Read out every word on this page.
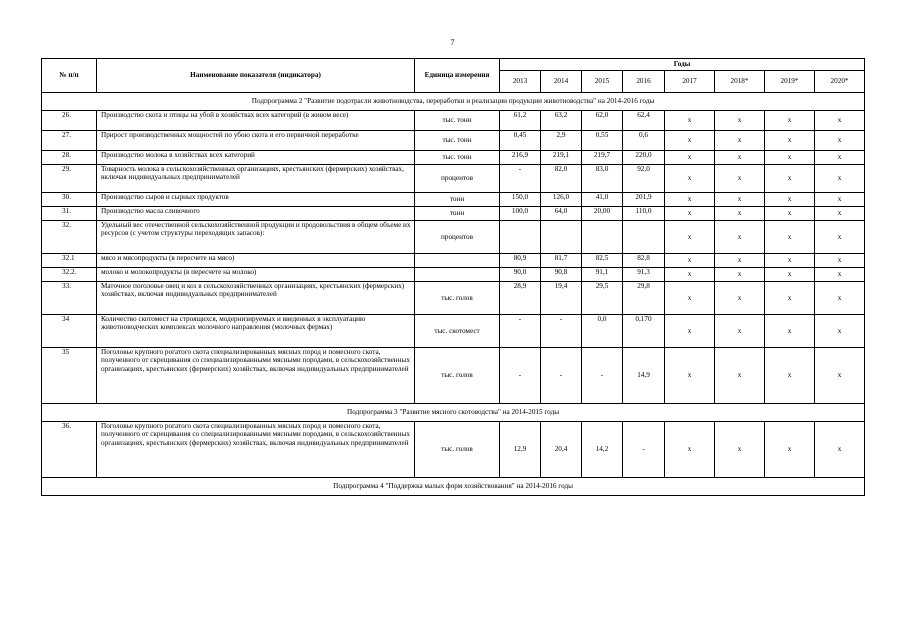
7
№ п/п	Наименование показателя (индикатора)	Единица измерения	Годы							
			2013	2014	2015	2016	2017	2018*	2019*	2020*
Подпрограмма 2 "Развитие подотрасли животноводства, переработки и реализации продукции животноводства" на 2014-2016 годы										
26.	Производство скота и птицы на убой в хозяйствах всех категорий (в живом весе)	тыс. тонн	61,2	63,2	62,0	62,4	x	x	x	x
27.	Прирост производственных мощностей по убою скота и его первичной переработке	тыс. тонн	0,45	2,9	0,55	0,6	x	x	x	x
28.	Производство молока в хозяйствах всех категорий	тыс. тонн	216,9	219,1	219,7	220,0	x	x	x	x
29.	Товарность молока в сельскохозяйственных организациях, крестьянских (фермерских) хозяйствах, включая индивидуальных предпринимателей	процентов	-	82,0	83,0	92,0	x	x	x	x
30.	Производство сыров и сырных продуктов	тонн	150,0	126,0	41,0	201,9	x	x	x	x
31.	Производство масла сливочного	тонн	100,0	64,0	20,00	110,0	x	x	x	x
32.	Удельный вес отечественной сельскохозяйственной продукции и продовольствия в общем объеме их ресурсов (с учетом структуры переходящих запасов):	процентов					x	x	x	x
32.1	мясо и мясопродукты (в пересчете на мясо)		80,9	81,7	82,5	82,8	x	x	x	x
32.2.	молоко и молокопродукты (в пересчете на молоко)		90,0	90,8	91,1	91,3	x	x	x	x
33.	Маточное поголовье овец и коз в сельскохозяйственных организациях, крестьянских (фермерских) хозяйствах, включая индивидуальных предпринимателей	тыс. голов	28,9	19,4	29,5	29,8	x	x	x	x
34	Количество скотомест на строящихся, модернизируемых и введенных в эксплуатацию животноводческих комплексах молочного направления (молочных фермах)	тыс. скотомест	-	-	0,0	0,170	x	x	x	x
35	Поголовье крупного рогатого скота специализированных мясных пород и помесного скота, полученного от скрещивания со специализированными мясными породами, в сельскохозяйственных организациях, крестьянских (фермерских) хозяйствах, включая индивидуальных предпринимателей	тыс. голов	-	-	-	14,9	x	x	x	x
Подпрограмма 3 "Развитие мясного скотоводства" на 2014-2015 годы										
36.	Поголовье крупного рогатого скота специализированных мясных пород и помесного скота, полученного от скрещивания со специализированными мясными породами, в сельскохозяйственных организациях, крестьянских (фермерских) хозяйствах, включая индивидуальных предпринимателей	тыс. голов	12,9	20,4	14,2	-	x	x	x	x
Подпрограмма 4 "Поддержка малых форм хозяйствования" на 2014-2016 годы										
